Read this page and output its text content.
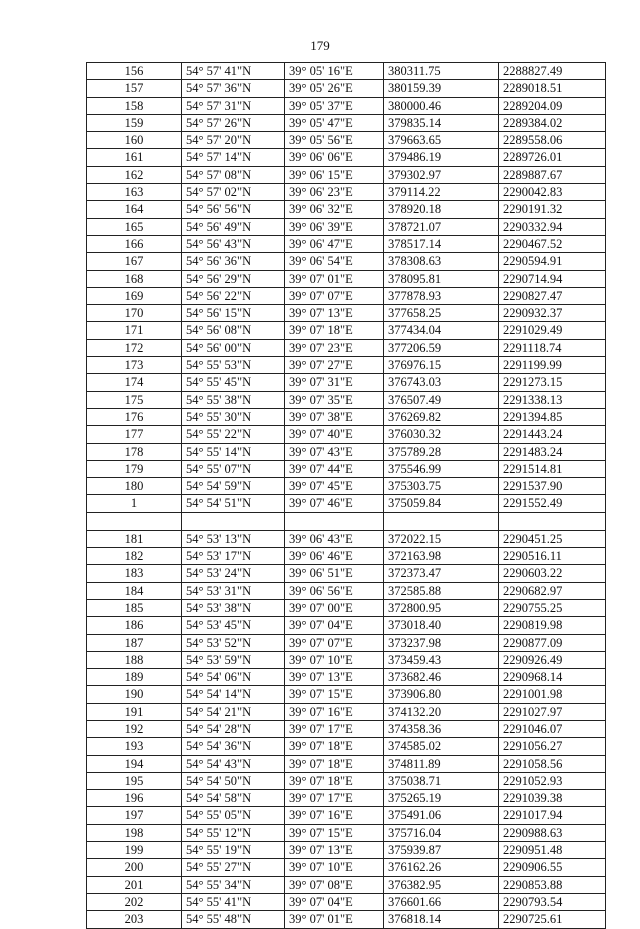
179
156	54° 57' 41"N	39° 05' 16"E	380311.75	2288827.49
157	54° 57' 36"N	39° 05' 26"E	380159.39	2289018.51
158	54° 57' 31"N	39° 05' 37"E	380000.46	2289204.09
159	54° 57' 26"N	39° 05' 47"E	379835.14	2289384.02
160	54° 57' 20"N	39° 05' 56"E	379663.65	2289558.06
161	54° 57' 14"N	39° 06' 06"E	379486.19	2289726.01
162	54° 57' 08"N	39° 06' 15"E	379302.97	2289887.67
163	54° 57' 02"N	39° 06' 23"E	379114.22	2290042.83
164	54° 56' 56"N	39° 06' 32"E	378920.18	2290191.32
165	54° 56' 49"N	39° 06' 39"E	378721.07	2290332.94
166	54° 56' 43"N	39° 06' 47"E	378517.14	2290467.52
167	54° 56' 36"N	39° 06' 54"E	378308.63	2290594.91
168	54° 56' 29"N	39° 07' 01"E	378095.81	2290714.94
169	54° 56' 22"N	39° 07' 07"E	377878.93	2290827.47
170	54° 56' 15"N	39° 07' 13"E	377658.25	2290932.37
171	54° 56' 08"N	39° 07' 18"E	377434.04	2291029.49
172	54° 56' 00"N	39° 07' 23"E	377206.59	2291118.74
173	54° 55' 53"N	39° 07' 27"E	376976.15	2291199.99
174	54° 55' 45"N	39° 07' 31"E	376743.03	2291273.15
175	54° 55' 38"N	39° 07' 35"E	376507.49	2291338.13
176	54° 55' 30"N	39° 07' 38"E	376269.82	2291394.85
177	54° 55' 22"N	39° 07' 40"E	376030.32	2291443.24
178	54° 55' 14"N	39° 07' 43"E	375789.28	2291483.24
179	54° 55' 07"N	39° 07' 44"E	375546.99	2291514.81
180	54° 54' 59"N	39° 07' 45"E	375303.75	2291537.90
1	54° 54' 51"N	39° 07' 46"E	375059.84	2291552.49

181	54° 53' 13"N	39° 06' 43"E	372022.15	2290451.25
182	54° 53' 17"N	39° 06' 46"E	372163.98	2290516.11
183	54° 53' 24"N	39° 06' 51"E	372373.47	2290603.22
184	54° 53' 31"N	39° 06' 56"E	372585.88	2290682.97
185	54° 53' 38"N	39° 07' 00"E	372800.95	2290755.25
186	54° 53' 45"N	39° 07' 04"E	373018.40	2290819.98
187	54° 53' 52"N	39° 07' 07"E	373237.98	2290877.09
188	54° 53' 59"N	39° 07' 10"E	373459.43	2290926.49
189	54° 54' 06"N	39° 07' 13"E	373682.46	2290968.14
190	54° 54' 14"N	39° 07' 15"E	373906.80	2291001.98
191	54° 54' 21"N	39° 07' 16"E	374132.20	2291027.97
192	54° 54' 28"N	39° 07' 17"E	374358.36	2291046.07
193	54° 54' 36"N	39° 07' 18"E	374585.02	2291056.27
194	54° 54' 43"N	39° 07' 18"E	374811.89	2291058.56
195	54° 54' 50"N	39° 07' 18"E	375038.71	2291052.93
196	54° 54' 58"N	39° 07' 17"E	375265.19	2291039.38
197	54° 55' 05"N	39° 07' 16"E	375491.06	2291017.94
198	54° 55' 12"N	39° 07' 15"E	375716.04	2290988.63
199	54° 55' 19"N	39° 07' 13"E	375939.87	2290951.48
200	54° 55' 27"N	39° 07' 10"E	376162.26	2290906.55
201	54° 55' 34"N	39° 07' 08"E	376382.95	2290853.88
202	54° 55' 41"N	39° 07' 04"E	376601.66	2290793.54
203	54° 55' 48"N	39° 07' 01"E	376818.14	2290725.61
